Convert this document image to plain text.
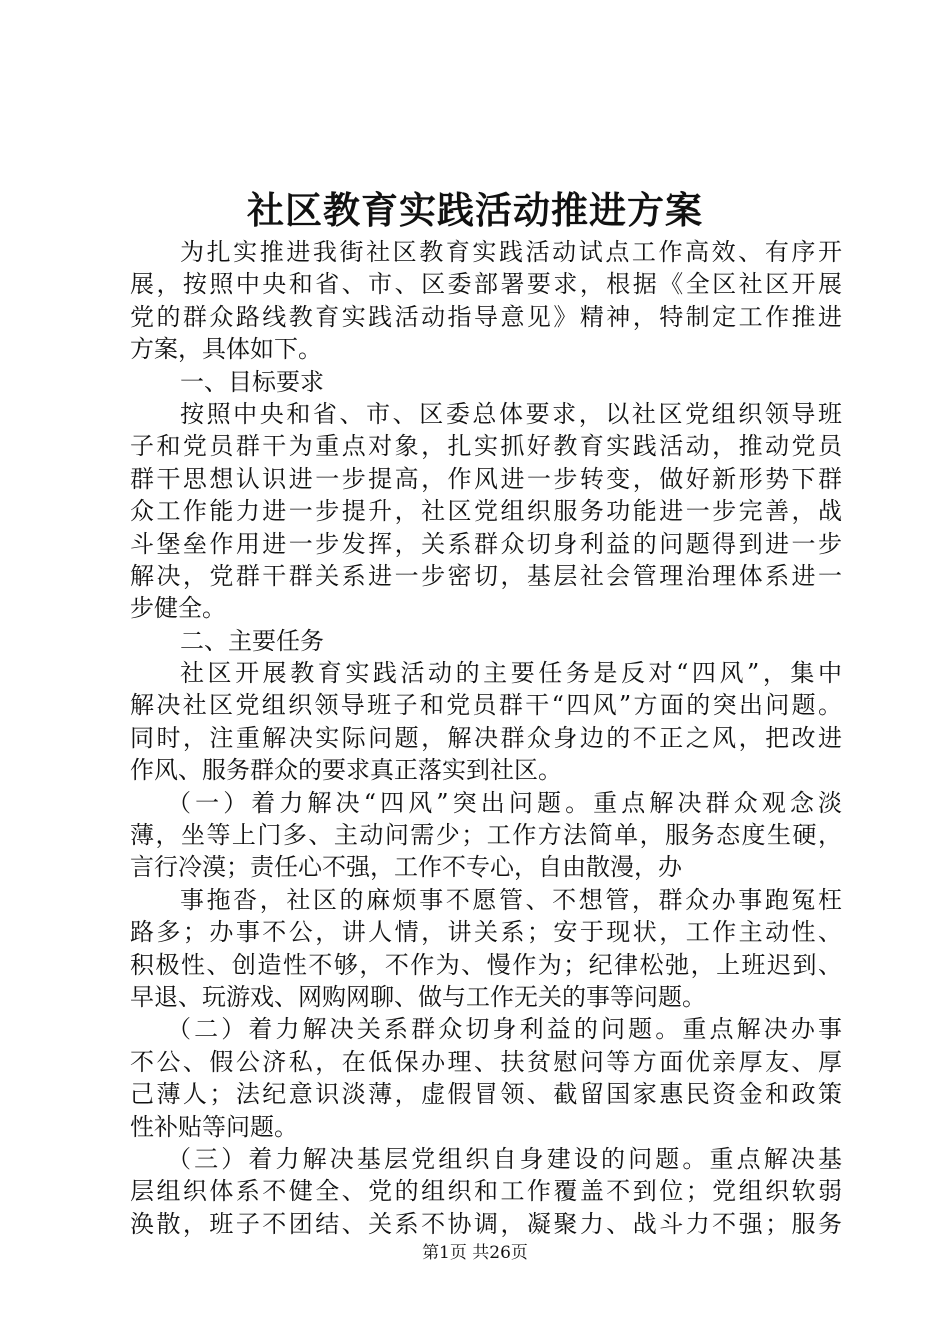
社区教育实践活动推进方案
为扎实推进我街社区教育实践活动试点工作高效、有序开
展，按照中央和省、市、区委部署要求，根据《全区社区开展
党的群众路线教育实践活动指导意见》精神，特制定工作推进
方案，具体如下。
一、目标要求
按照中央和省、市、区委总体要求，以社区党组织领导班
子和党员群干为重点对象，扎实抓好教育实践活动，推动党员
群干思想认识进一步提高，作风进一步转变，做好新形势下群
众工作能力进一步提升，社区党组织服务功能进一步完善，战
斗堡垒作用进一步发挥，关系群众切身利益的问题得到进一步
解决，党群干群关系进一步密切，基层社会管理治理体系进一
步健全。
二、主要任务
社区开展教育实践活动的主要任务是反对“四风”，集中
解决社区党组织领导班子和党员群干“四风”方面的突出问题。
同时，注重解决实际问题，解决群众身边的不正之风，把改进
作风、服务群众的要求真正落实到社区。
（一）着力解决“四风”突出问题。重点解决群众观念淡
薄，坐等上门多、主动问需少；工作方法简单，服务态度生硬，
言行冷漠；责任心不强，工作不专心，自由散漫，办
事拖沓，社区的麻烦事不愿管、不想管，群众办事跑冤枉
路多；办事不公，讲人情，讲关系；安于现状，工作主动性、
积极性、创造性不够，不作为、慢作为；纪律松弛，上班迟到、
早退、玩游戏、网购网聊、做与工作无关的事等问题。
（二）着力解决关系群众切身利益的问题。重点解决办事
不公、假公济私，在低保办理、扶贫慰问等方面优亲厚友、厚
己薄人；法纪意识淡薄，虚假冒领、截留国家惠民资金和政策
性补贴等问题。
（三）着力解决基层党组织自身建设的问题。重点解决基
层组织体系不健全、党的组织和工作覆盖不到位；党组织软弱
涣散，班子不团结、关系不协调，凝聚力、战斗力不强；服务
第1页 共26页
